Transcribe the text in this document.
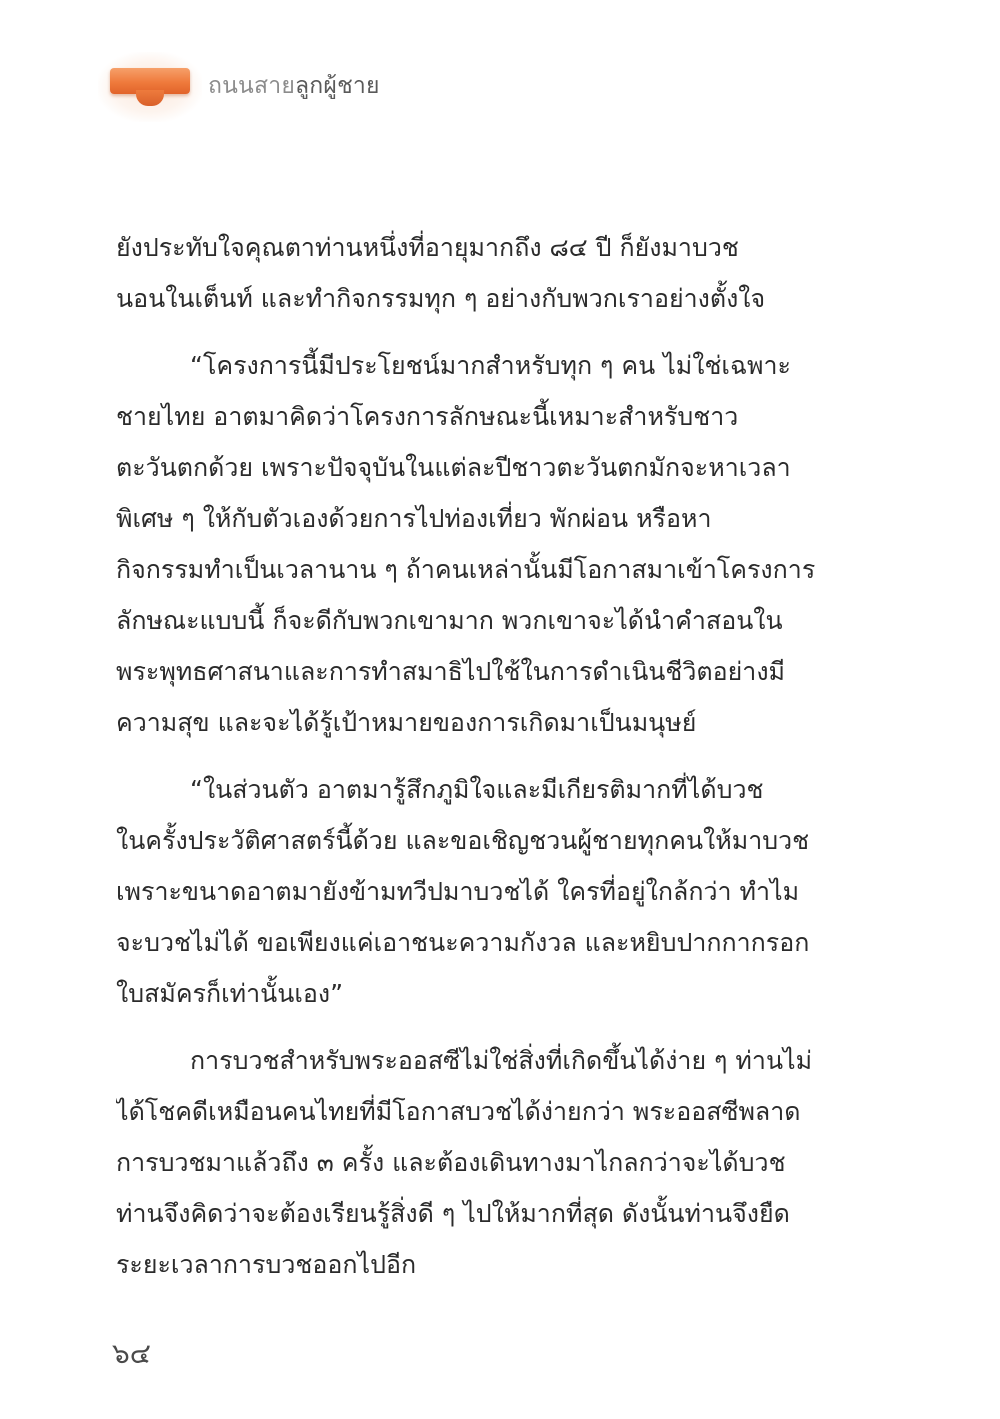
ถนนสายลูกผู้ชาย

ยังประทับใจคุณตาท่านหนึ่งที่อายุมากถึง ๘๔ ปี ก็ยังมาบวช
นอนในเต็นท์ และทำกิจกรรมทุก ๆ อย่างกับพวกเราอย่างตั้งใจ

“โครงการนี้มีประโยชน์มากสำหรับทุก ๆ คน ไม่ใช่เฉพาะ
ชายไทย อาตมาคิดว่าโครงการลักษณะนี้เหมาะสำหรับชาว
ตะวันตกด้วย เพราะปัจจุบันในแต่ละปีชาวตะวันตกมักจะหาเวลา
พิเศษ ๆ ให้กับตัวเองด้วยการไปท่องเที่ยว พักผ่อน หรือหา
กิจกรรมทำเป็นเวลานาน ๆ ถ้าคนเหล่านั้นมีโอกาสมาเข้าโครงการ
ลักษณะแบบนี้ ก็จะดีกับพวกเขามาก พวกเขาจะได้นำคำสอนใน
พระพุทธศาสนาและการทำสมาธิไปใช้ในการดำเนินชีวิตอย่างมี
ความสุข และจะได้รู้เป้าหมายของการเกิดมาเป็นมนุษย์

“ในส่วนตัว อาตมารู้สึกภูมิใจและมีเกียรติมากที่ได้บวช
ในครั้งประวัติศาสตร์นี้ด้วย และขอเชิญชวนผู้ชายทุกคนให้มาบวช
เพราะขนาดอาตมายังข้ามทวีปมาบวชได้ ใครที่อยู่ใกล้กว่า ทำไม
จะบวชไม่ได้ ขอเพียงแค่เอาชนะความกังวล และหยิบปากกากรอก
ใบสมัครก็เท่านั้นเอง”

การบวชสำหรับพระออสซีไม่ใช่สิ่งที่เกิดขึ้นได้ง่าย ๆ ท่านไม่
ได้โชคดีเหมือนคนไทยที่มีโอกาสบวชได้ง่ายกว่า พระออสซีพลาด
การบวชมาแล้วถึง ๓ ครั้ง และต้องเดินทางมาไกลกว่าจะได้บวช
ท่านจึงคิดว่าจะต้องเรียนรู้สิ่งดี ๆ ไปให้มากที่สุด ดังนั้นท่านจึงยืด
ระยะเวลาการบวชออกไปอีก

๖๔
